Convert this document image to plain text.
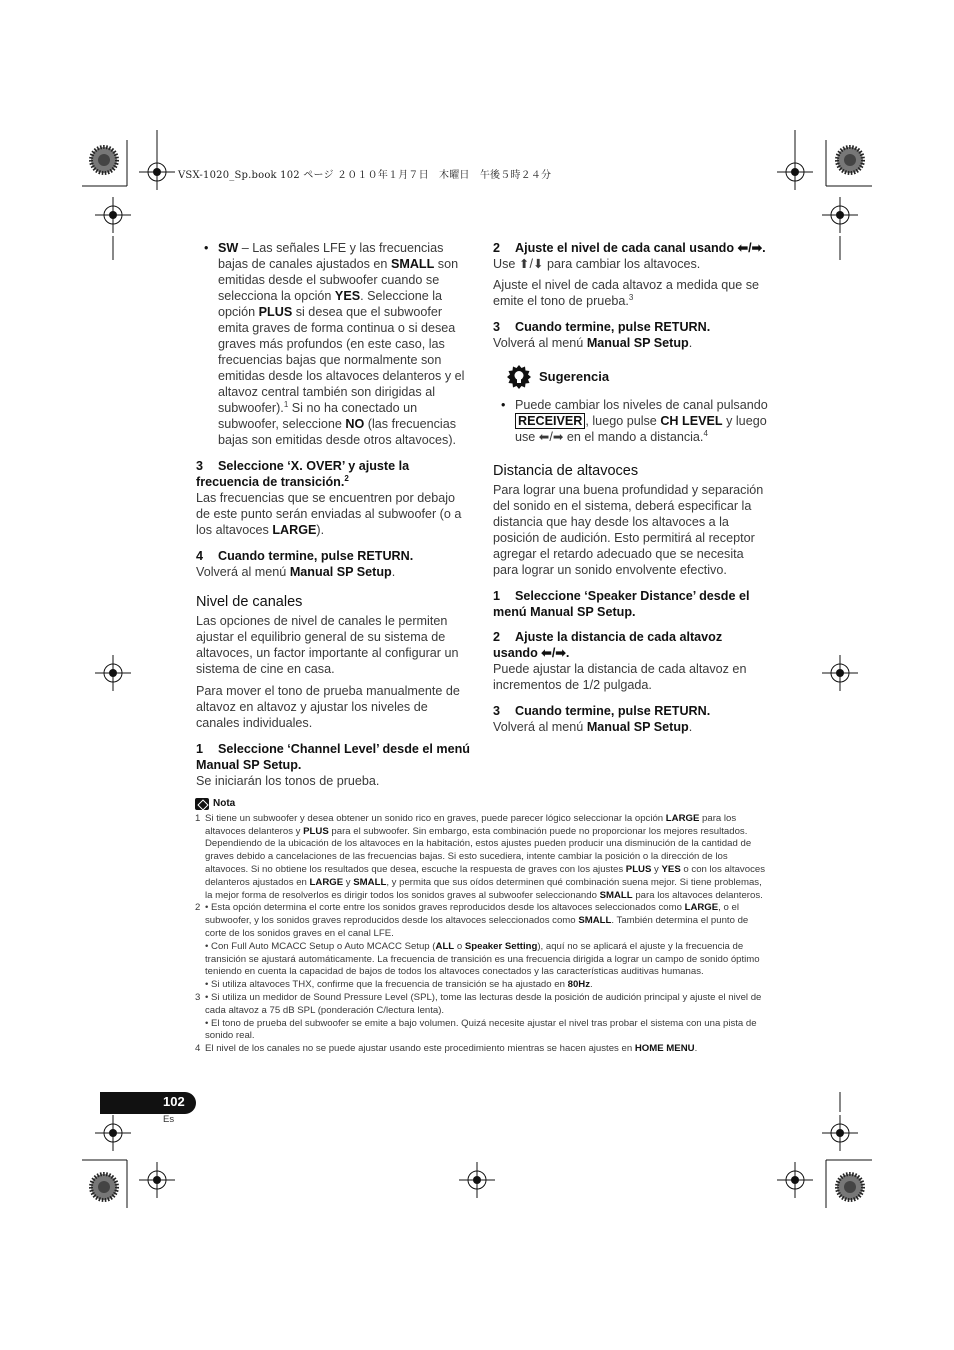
VSX-1020_Sp.book 102 ページ ２０１０年１月７日　木曜日　午後５時２４分

• SW – Las señales LFE y las frecuencias bajas de canales ajustados en SMALL son emitidas desde el subwoofer cuando se selecciona la opción YES. Seleccione la opción PLUS si desea que el subwoofer emita graves de forma continua o si desea graves más profundos (en este caso, las frecuencias bajas que normalmente son emitidas desde los altavoces delanteros y el altavoz central también son dirigidas al subwoofer).$^1$ Si no ha conectado un subwoofer, seleccione NO (las frecuencias bajas son emitidas desde otros altavoces).

3 Seleccione ‘X. OVER’ y ajuste la frecuencia de transición.$^2$

Las frecuencias que se encuentren por debajo de este punto serán enviadas al subwoofer (o a los altavoces LARGE).

4 Cuando termine, pulse RETURN.

Volverá al menú Manual SP Setup.

Nivel de canales

Las opciones de nivel de canales le permiten ajustar el equilibrio general de su sistema de altavoces, un factor importante al configurar un sistema de cine en casa.

Para mover el tono de prueba manualmente de altavoz en altavoz y ajustar los niveles de canales individuales.

1 Seleccione ‘Channel Level’ desde el menú Manual SP Setup.

Se iniciarán los tonos de prueba.

2 Ajuste el nivel de cada canal usando ⬅/➡.

Use ⬆/⬇ para cambiar los altavoces.

Ajuste el nivel de cada altavoz a medida que se emite el tono de prueba.$^3$

3 Cuando termine, pulse RETURN.

Volverá al menú Manual SP Setup.

Sugerencia

• Puede cambiar los niveles de canal pulsando RECEIVER , luego pulse CH LEVEL y luego use ⬅/➡ en el mando a distancia.$^4$

Distancia de altavoces

Para lograr una buena profundidad y separación del sonido en el sistema, deberá especificar la distancia que hay desde los altavoces a la posición de audición. Esto permitirá al receptor agregar el retardo adecuado que se necesita para lograr un sonido envolvente efectivo.

1 Seleccione ‘Speaker Distance’ desde el menú Manual SP Setup.
2 Ajuste la distancia de cada altavoz usando ⬅/➡.

Puede ajustar la distancia de cada altavoz en incrementos de 1/2 pulgada.

3 Cuando termine, pulse RETURN.

Volverá al menú Manual SP Setup.

Nota
1 Si tiene un subwoofer y desea obtener un sonido rico en graves, puede parecer lógico seleccionar la opción LARGE para los altavoces delanteros y PLUS para el subwoofer. Sin embargo, esta combinación puede no proporcionar los mejores resultados. Dependiendo de la ubicación de los altavoces en la habitación, estos ajustes pueden producir una disminución de la cantidad de graves debido a cancelaciones de las frecuencias bajas. Si esto sucediera, intente cambiar la posición o la dirección de los altavoces. Si no obtiene los resultados que desea, escuche la respuesta de graves con los ajustes PLUS y YES o con los altavoces delanteros ajustados en LARGE y SMALL, y permita que sus oídos determinen qué combinación suena mejor. Si tiene problemas, la mejor forma de resolverlos es dirigir todos los sonidos graves al subwoofer seleccionando SMALL para los altavoces delanteros.
2 • Esta opción determina el corte entre los sonidos graves reproducidos desde los altavoces seleccionados como LARGE, o el subwoofer, y los sonidos graves reproducidos desde los altavoces seleccionados como SMALL. También determina el punto de corte de los sonidos graves en el canal LFE.
• Con Full Auto MCACC Setup o Auto MCACC Setup (ALL o Speaker Setting), aquí no se aplicará el ajuste y la frecuencia de transición se ajustará automáticamente. La frecuencia de transición es una frecuencia dirigida a lograr un campo de sonido óptimo teniendo en cuenta la capacidad de bajos de todos los altavoces conectados y las características auditivas humanas.
• Si utiliza altavoces THX, confirme que la frecuencia de transición se ha ajustado en 80Hz.
3 • Si utiliza un medidor de Sound Pressure Level (SPL), tome las lecturas desde la posición de audición principal y ajuste el nivel de cada altavoz a 75 dB SPL (ponderación C/lectura lenta).
• El tono de prueba del subwoofer se emite a bajo volumen. Quizá necesite ajustar el nivel tras probar el sistema con una pista de sonido real.
4 El nivel de los canales no se puede ajustar usando este procedimiento mientras se hacen ajustes en HOME MENU.
102
Es
